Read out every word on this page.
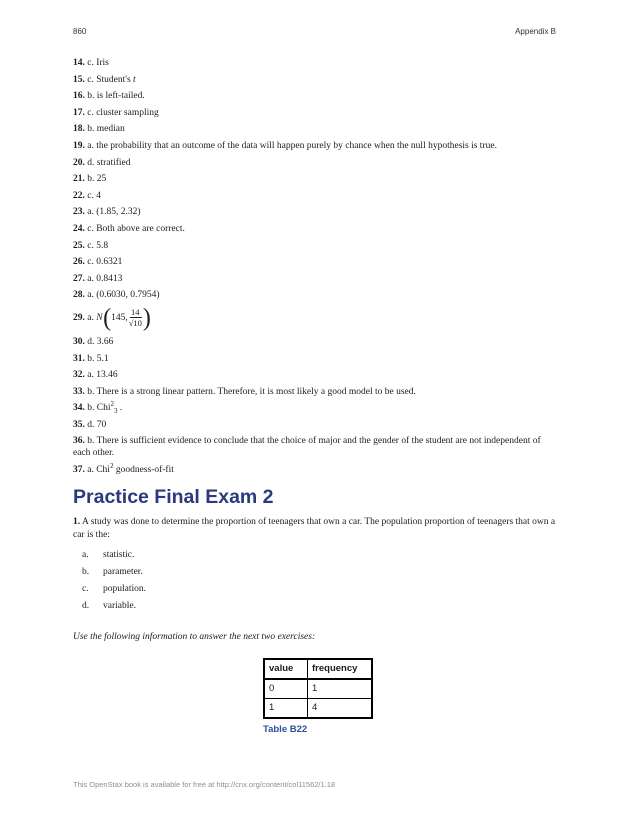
860	Appendix B

14. c. Iris

15. c. Student's t

16. b. is left-tailed.

17. c. cluster sampling

18. b. median

19. a. the probability that an outcome of the data will happen purely by chance when the null hypothesis is true.

20. d. stratified

21. b. 25

22. c. 4

23. a. (1.85, 2.32)

24. c. Both above are correct.

25. c. 5.8

26. c. 0.6321

27. a. 0.8413

28. a. (0.6030, 0.7954)

29. a. N ( 145, $\frac{14}{√10}$ )

30. d. 3.66

31. b. 5.1

32. a. 13.46

33. b. There is a strong linear pattern. Therefore, it is most likely a good model to be used.

34. b. Chi$^2_3$ .

35. d. 70

36. b. There is sufficient evidence to conclude that the choice of major and the gender of the student are not independent of each other.

37. a. Chi$^2$ goodness-of-fit

Practice Final Exam 2

1. A study was done to determine the proportion of teenagers that own a car. The population proportion of teenagers that own a car is the:

a.	statistic.
b.	parameter.
c.	population.
d.	variable.

Use the following information to answer the next two exercises:

value	frequency
0	1
1	4
Table B22
This OpenStax book is available for free at http://cnx.org/content/col11562/1.18
